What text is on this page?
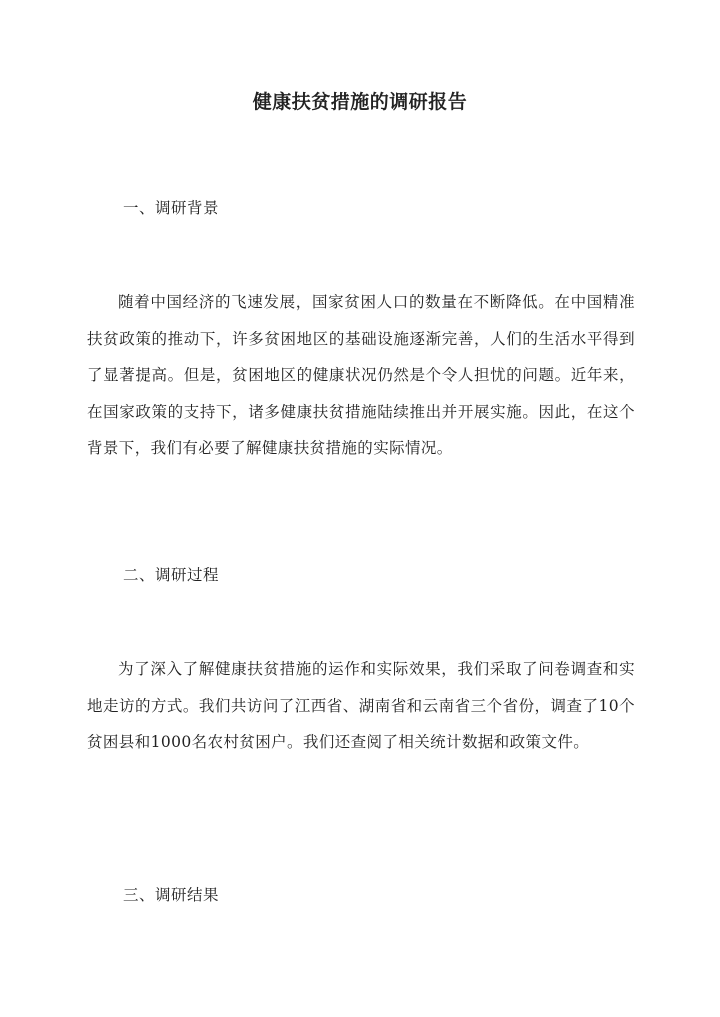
健康扶贫措施的调研报告
一、调研背景
随着中国经济的飞速发展，国家贫困人口的数量在不断降低。在中国精准扶贫政策的推动下，许多贫困地区的基础设施逐渐完善，人们的生活水平得到了显著提高。但是，贫困地区的健康状况仍然是个令人担忧的问题。近年来，在国家政策的支持下，诸多健康扶贫措施陆续推出并开展实施。因此，在这个背景下，我们有必要了解健康扶贫措施的实际情况。
二、调研过程
为了深入了解健康扶贫措施的运作和实际效果，我们采取了问卷调查和实地走访的方式。我们共访问了江西省、湖南省和云南省三个省份，调查了10个贫困县和1000名农村贫困户。我们还查阅了相关统计数据和政策文件。
三、调研结果
